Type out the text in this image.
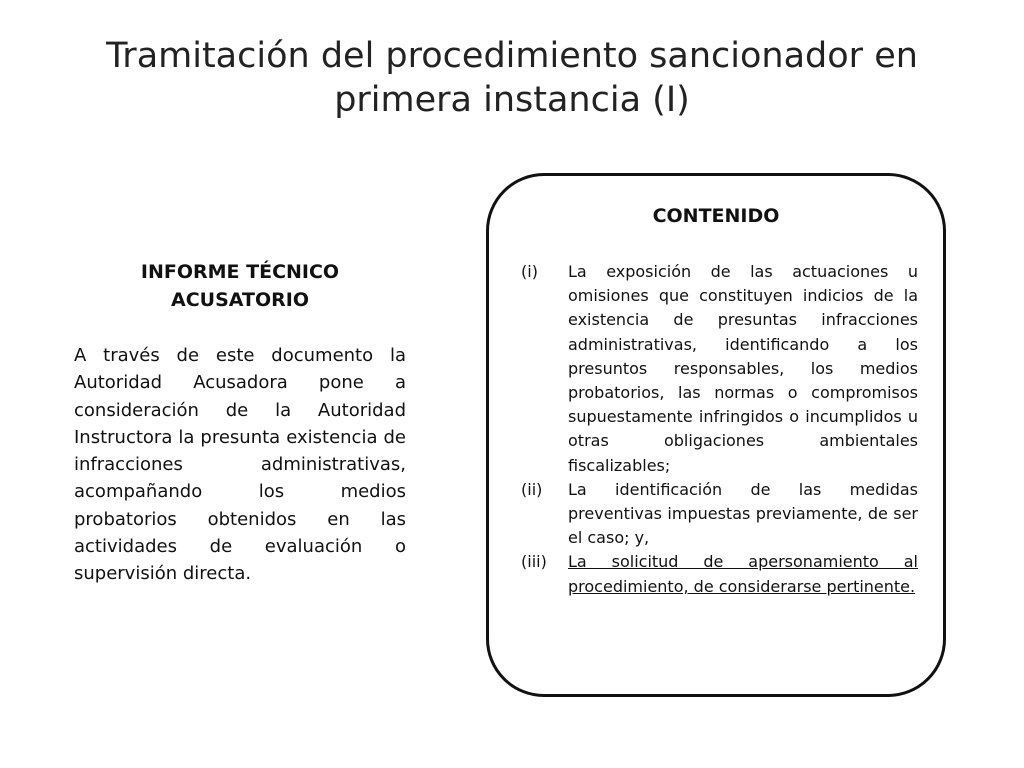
Tramitación del procedimiento sancionador en primera instancia (I)
INFORME TÉCNICO ACUSATORIO

A través de este documento la Autoridad Acusadora pone a consideración de la Autoridad Instructora la presunta existencia de infracciones administrativas, acompañando los medios probatorios obtenidos en las actividades de evaluación o supervisión directa.

CONTENIDO
(i)	La exposición de las actuaciones u omisiones que constituyen indicios de la existencia de presuntas infracciones administrativas, identificando a los presuntos responsables, los medios probatorios, las normas o compromisos supuestamente infringidos o incumplidos u otras obligaciones ambientales fiscalizables;
(ii)	La identificación de las medidas preventivas impuestas previamente, de ser el caso; y,
(iii)	La solicitud de apersonamiento al procedimiento, de considerarse pertinente.
